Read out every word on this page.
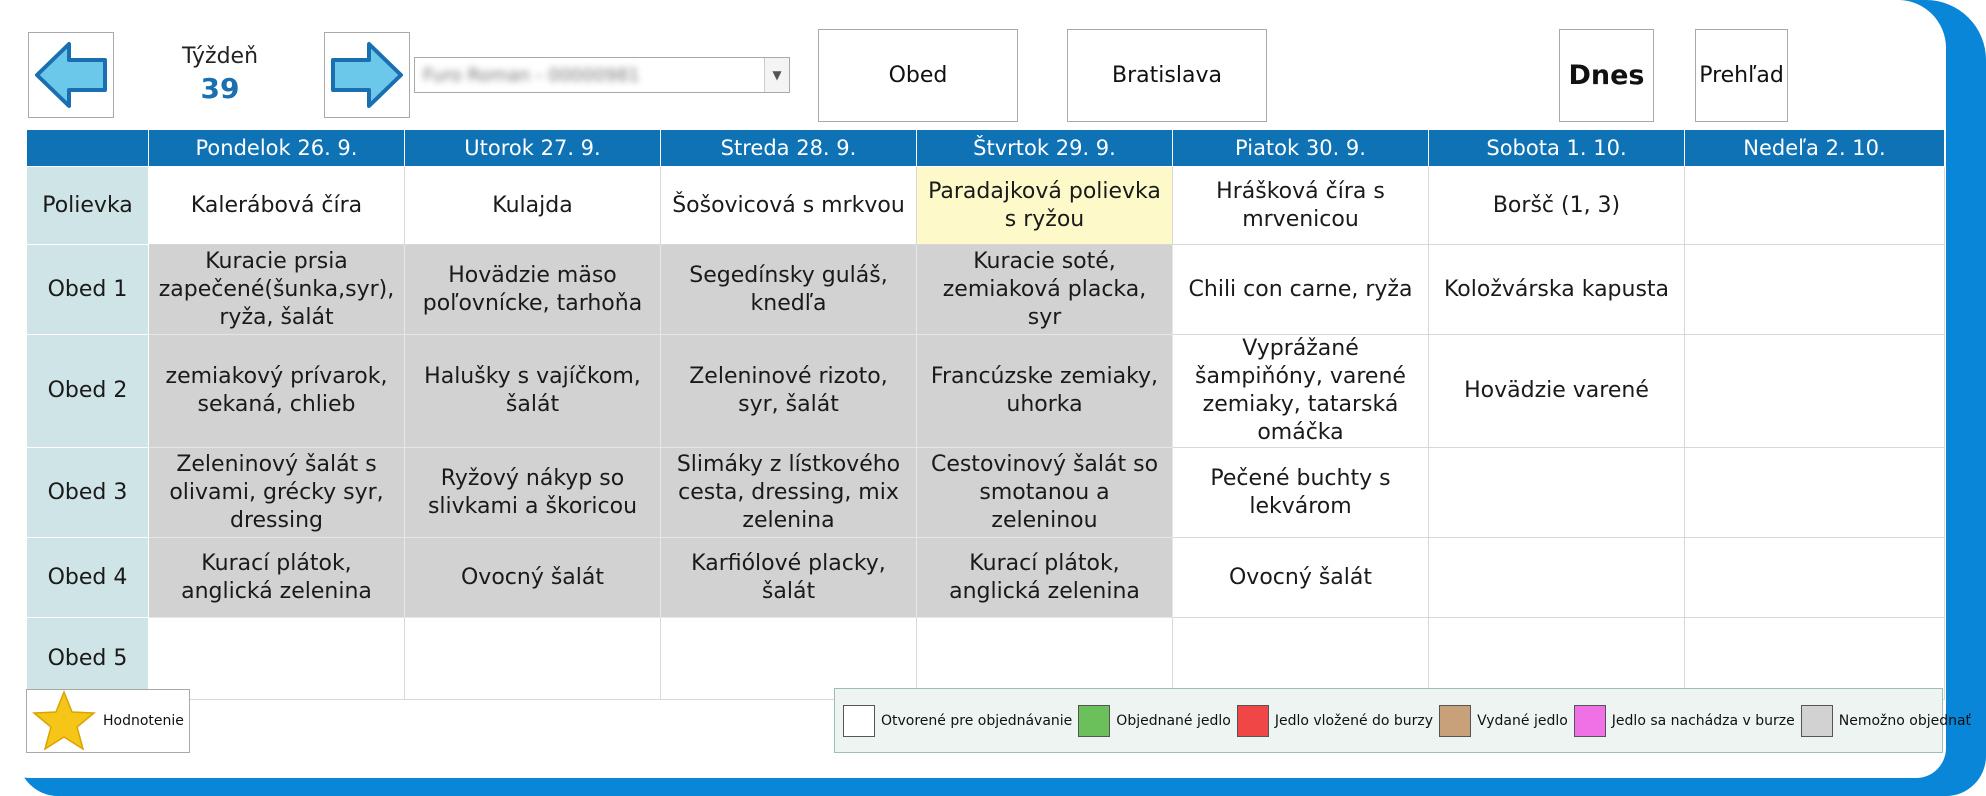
Týždeň
39	Furo Roman - 00000981	▼	Obed	Bratislava	Dnes	Prehľad
	Pondelok 26. 9.	Utorok 27. 9.	Streda 28. 9.	Štvrtok 29. 9.	Piatok 30. 9.	Sobota 1. 10.	Nedeľa 2. 10.
Polievka	Kalerábová číra	Kulajda	Šošovicová s mrkvou	Paradajková polievka s ryžou	Hrášková číra s mrvenicou	Boršč (1, 3)	
Obed 1	Kuracie prsia zapečené(šunka,syr), ryža, šalát	Hovädzie mäso poľovnícke, tarhoňa	Segedínsky guláš, knedľa	Kuracie soté, zemiaková placka, syr	Chili con carne, ryža	Koložvárska kapusta	
Obed 2	zemiakový prívarok, sekaná, chlieb	Halušky s vajíčkom, šalát	Zeleninové rizoto, syr, šalát	Francúzske zemiaky, uhorka	Vyprážané šampiňóny, varené zemiaky, tatarská omáčka	Hovädzie varené	
Obed 3	Zeleninový šalát s olivami, grécky syr, dressing	Ryžový nákyp so slivkami a škoricou	Slimáky z lístkového cesta, dressing, mix zelenina	Cestovinový šalát so smotanou a zeleninou	Pečené buchty s lekvárom		
Obed 4	Kurací plátok, anglická zelenina	Ovocný šalát	Karfiólové placky, šalát	Kurací plátok, anglická zelenina	Ovocný šalát		
Obed 5							
Hodnotenie	Otvorené pre objednávanie	Objednané jedlo	Jedlo vložené do burzy	Vydané jedlo	Jedlo sa nachádza v burze	Nemožno objednať
